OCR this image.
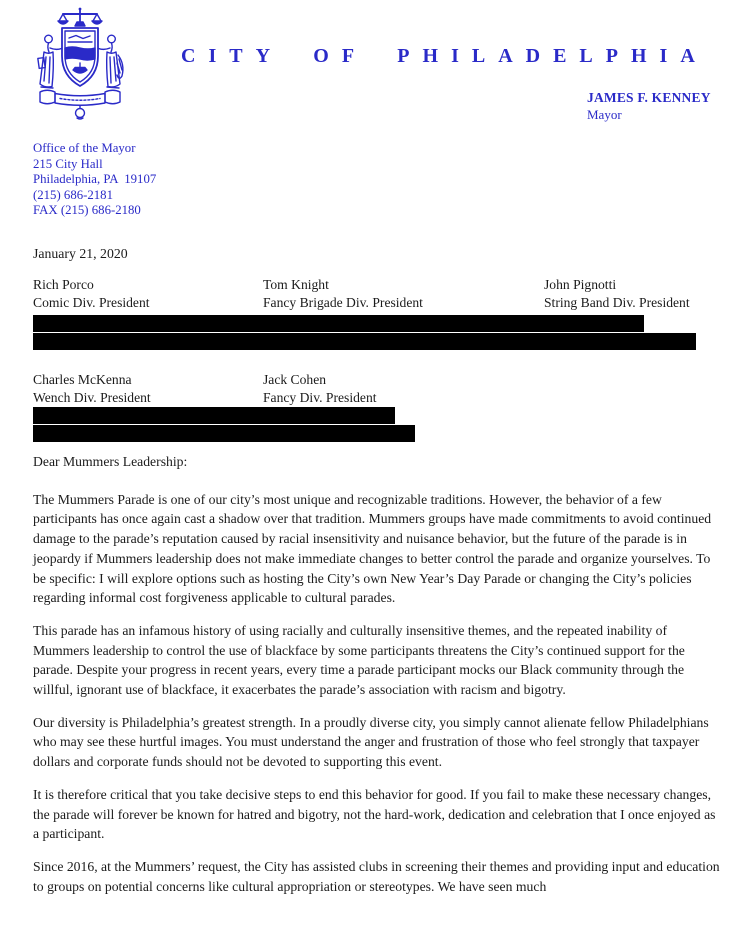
CITY OF PHILADELPHIA
JAMES F. KENNEY
Mayor
Office of the Mayor
215 City Hall
Philadelphia, PA  19107
(215) 686-2181
FAX (215) 686-2180
January 21, 2020
Rich Porco
Comic Div. President
Tom Knight
Fancy Brigade Div. President
John Pignotti
String Band Div. President
Charles McKenna
Wench Div. President
Jack Cohen
Fancy Div. President

Dear Mummers Leadership:

The Mummers Parade is one of our city’s most unique and recognizable traditions. However, the behavior of a few participants has once again cast a shadow over that tradition. Mummers groups have made commitments to avoid continued damage to the parade’s reputation caused by racial insensitivity and nuisance behavior, but the future of the parade is in jeopardy if Mummers leadership does not make immediate changes to better control the parade and organize yourselves. To be specific: I will explore options such as hosting the City’s own New Year’s Day Parade or changing the City’s policies regarding informal cost forgiveness applicable to cultural parades.

This parade has an infamous history of using racially and culturally insensitive themes, and the repeated inability of Mummers leadership to control the use of blackface by some participants threatens the City’s continued support for the parade. Despite your progress in recent years, every time a parade participant mocks our Black community through the willful, ignorant use of blackface, it exacerbates the parade’s association with racism and bigotry.

Our diversity is Philadelphia’s greatest strength. In a proudly diverse city, you simply cannot alienate fellow Philadelphians who may see these hurtful images. You must understand the anger and frustration of those who feel strongly that taxpayer dollars and corporate funds should not be devoted to supporting this event.

It is therefore critical that you take decisive steps to end this behavior for good. If you fail to make these necessary changes, the parade will forever be known for hatred and bigotry, not the hard-work, dedication and celebration that I once enjoyed as a participant.

Since 2016, at the Mummers’ request, the City has assisted clubs in screening their themes and providing input and education to groups on potential concerns like cultural appropriation or stereotypes. We have seen much
